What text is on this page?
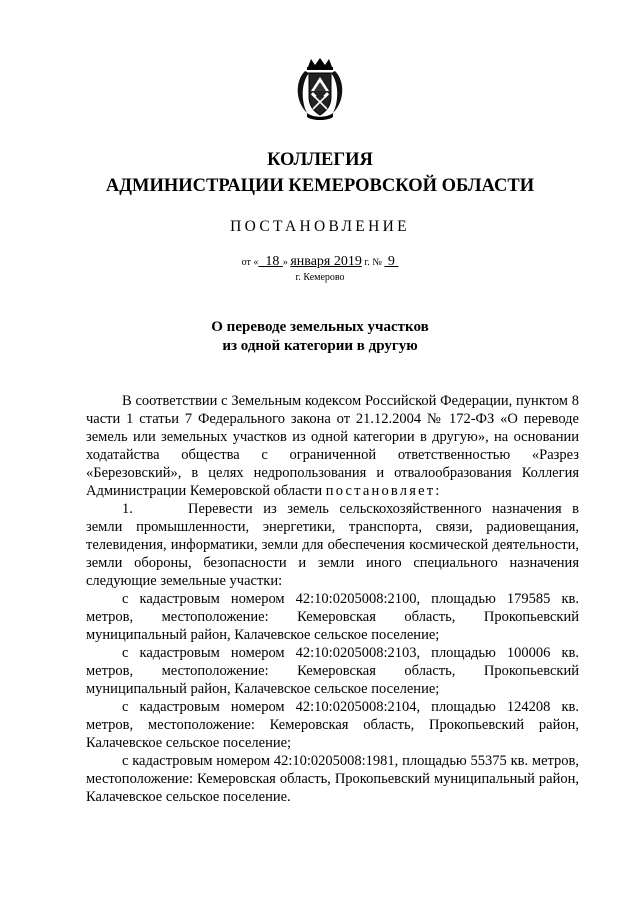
КОЛЛЕГИЯ
АДМИНИСТРАЦИИ КЕМЕРОВСКОЙ ОБЛАСТИ
ПОСТАНОВЛЕНИЕ
от « 18 » января 2019 г. № 9
г. Кемерово
О переводе земельных участков
из одной категории в другую

В соответствии с Земельным кодексом Российской Федерации, пунктом 8 части 1 статьи 7 Федерального закона от 21.12.2004 № 172-ФЗ «О переводе земель или земельных участков из одной категории в другую», на основании ходатайства общества с ограниченной ответственностью «Разрез «Березовский», в целях недропользования и отвалообразования Коллегия Администрации Кемеровской области постановляет:

1.	Перевести из земель сельскохозяйственного назначения в земли промышленности, энергетики, транспорта, связи, радиовещания, телевидения, информатики, земли для обеспечения космической деятельности, земли обороны, безопасности и земли иного специального назначения следующие земельные участки:

с кадастровым номером 42:10:0205008:2100, площадью 179585 кв. метров, местоположение: Кемеровская область, Прокопьевский муниципальный район, Калачевское сельское поселение;

с кадастровым номером 42:10:0205008:2103, площадью 100006 кв. метров, местоположение: Кемеровская область, Прокопьевский муниципальный район, Калачевское сельское поселение;

с кадастровым номером 42:10:0205008:2104, площадью 124208 кв. метров, местоположение: Кемеровская область, Прокопьевский район, Калачевское сельское поселение;

с кадастровым номером 42:10:0205008:1981, площадью 55375 кв. метров, местоположение: Кемеровская область, Прокопьевский муниципальный район, Калачевское сельское поселение.
